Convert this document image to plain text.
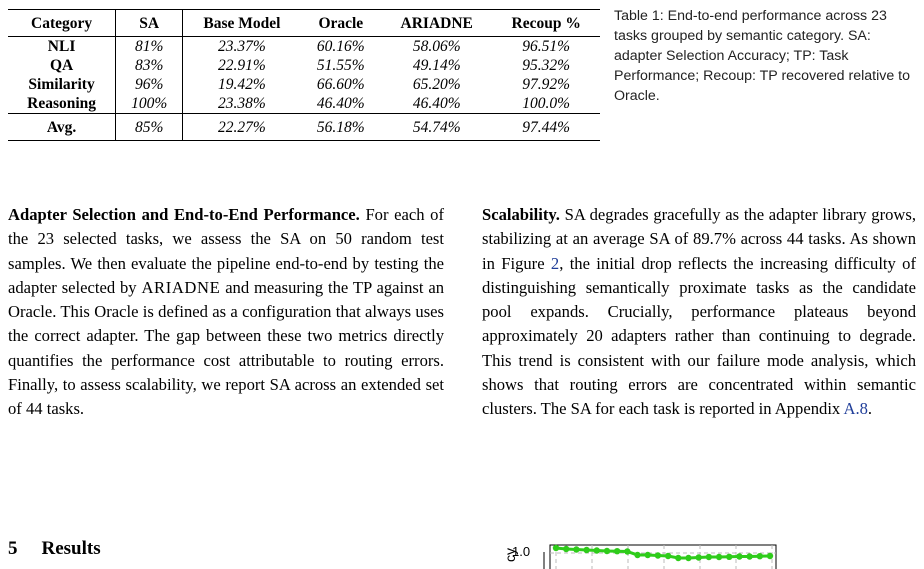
Category	SA	Base Model	Oracle	ARIADNE	Recoup %
NLI	81%	23.37%	60.16%	58.06%	96.51%
QA	83%	22.91%	51.55%	49.14%	95.32%
Similarity	96%	19.42%	66.60%	65.20%	97.92%
Reasoning	100%	23.38%	46.40%	46.40%	100.0%
Avg.	85%	22.27%	56.18%	54.74%	97.44%
Table 1: End-to-end performance across 23 tasks grouped by semantic category. SA: adapter Selection Accuracy; TP: Task Performance; Recoup: TP recovered relative to Oracle.
Adapter Selection and End-to-End Performance. For each of the 23 selected tasks, we assess the SA on 50 random test samples. We then evaluate the pipeline end-to-end by testing the adapter selected by ARIADNE and measuring the TP against an Oracle. This Oracle is defined as a configuration that always uses the correct adapter. The gap between these two metrics directly quantifies the performance cost attributable to routing errors. Finally, to assess scalability, we report SA across an extended set of 44 tasks.
5 Results
Scalability. SA degrades gracefully as the adapter library grows, stabilizing at an average SA of 89.7% across 44 tasks. As shown in Figure 2, the initial drop reflects the increasing difficulty of distinguishing semantically proximate tasks as the candidate pool expands. Crucially, performance plateaus beyond approximately 20 adapters rather than continuing to degrade. This trend is consistent with our failure mode analysis, which shows that routing errors are concentrated within semantic clusters. The SA for each task is reported in Appendix A.8.
cy
1.0
